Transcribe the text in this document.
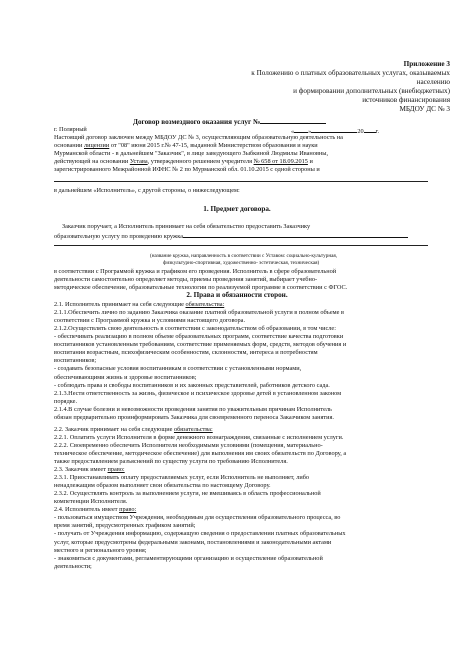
Приложение 3
к Положению о платных образовательных услугах, оказываемых
населению
и формировании дополнительных (внебюджетных)
источников финансирования
МБДОУ ДС № 3
Договор возмездного оказания услуг №
г. Полярный	« »	20 г.
Настоящий договор заключен между МБДОУ ДС № 3, осуществляющим образовательную деятельность на
основании лицензии от "08" июня 2015 г.№ 47-15, выданной Министерством образования и науки
Мурманской области - в дальнейшем "Заказчик", в лице заведующего Зыбкиной Людмилы Ивановны,
действующей на основании Устава, утвержденного решением учредителя № 658 от 18.09.2015 и
зарегистрированного Межрайонной ИФНС № 2 по Мурманской обл. 01.10.2015 с одной стороны и
в дальнейшем «Исполнитель», с другой стороны, о нижеследующем:
1. Предмет договора.
Заказчик поручает, а Исполнитель принимает на себя обязательство предоставить Заказчику
образовательную услугу по проведению кружка
(название кружка, направленность в соответствии с Уставом: социально-культурная,
физкультурно-спортивная, художественно- эстетическая, техническая)
в соответствии с Программой кружка и графиком его проведения. Исполнитель в сфере образовательной
деятельности самостоятельно определяет методы, приемы проведения занятий, выбирает учебно-
методическое обеспечение, образовательные технологии по реализуемой программе в соответствии с ФГОС.
2. Права и обязанности сторон.
2.1. Исполнитель принимает на себя следующие обязательства:
2.1.1.Обеспечить лично по заданию Заказчика оказание платной образовательной услуги в полном объеме в
соответствии с Программой кружка и условиями настоящего договора.
2.1.2.Осуществлять свою деятельность в соответствии с законодательством об образовании, в том числе:
- обеспечивать реализацию в полном объеме образовательных программ, соответствие качества подготовки
воспитанников установленным требованиям, соответствие применяемых форм, средств, методов обучения и
воспитания возрастным, психофизическим особенностям, склонностям, интереса и потребностям
воспитанников;
- создавать безопасные условия воспитанникам в соответствии с установленными нормами,
обеспечивающими жизнь и здоровье воспитанников;
- соблюдать права и свободы воспитанников и их законных представителей, работников детского сада.
2.1.3.Нести ответственность за жизнь, физическое и психическое здоровье детей в установленном законом
порядке.
2.1.4.В случае болезни и невозможности проведения занятия по уважительным причинам Исполнитель
обязан предварительно проинформировать Заказчика для своевременного переноса Заказчиком занятия.
2.2. Заказчик принимает на себя следующие обязательства:
2.2.1. Оплатить услуги Исполнителя в форме денежного вознаграждения, связанные с исполнением услуги.
2.2.2. Своевременно обеспечить Исполнителя необходимыми условиями (помещения, материально-
техническое обеспечение, методическое обеспечение) для выполнения им своих обязательств по Договору, а
также предоставлением разъяснений по существу услуги по требованию Исполнителя.
2.3. Заказчик имеет право:
2.3.1. Приостанавливать оплату предоставляемых услуг, если Исполнитель не выполняет, либо
ненадлежащим образом выполняет свои обязательства по настоящему Договору.
2.3.2. Осуществлять контроль за выполнением услуги, не вмешиваясь в область профессиональной
компетенции Исполнителя.
2.4. Исполнитель имеет право:
- пользоваться имуществом Учреждения, необходимым для осуществления образовательного процесса, во
время занятий, предусмотренных графиком занятий;
- получать от Учреждения информацию, содержащую сведения о предоставлении платных образовательных
услуг, которые предусмотрены федеральными законами, постановлениями и законодательными актами
местного и регионального уровня;
- знакомиться с документами, регламентирующими организацию и осуществление образовательной
деятельности;
